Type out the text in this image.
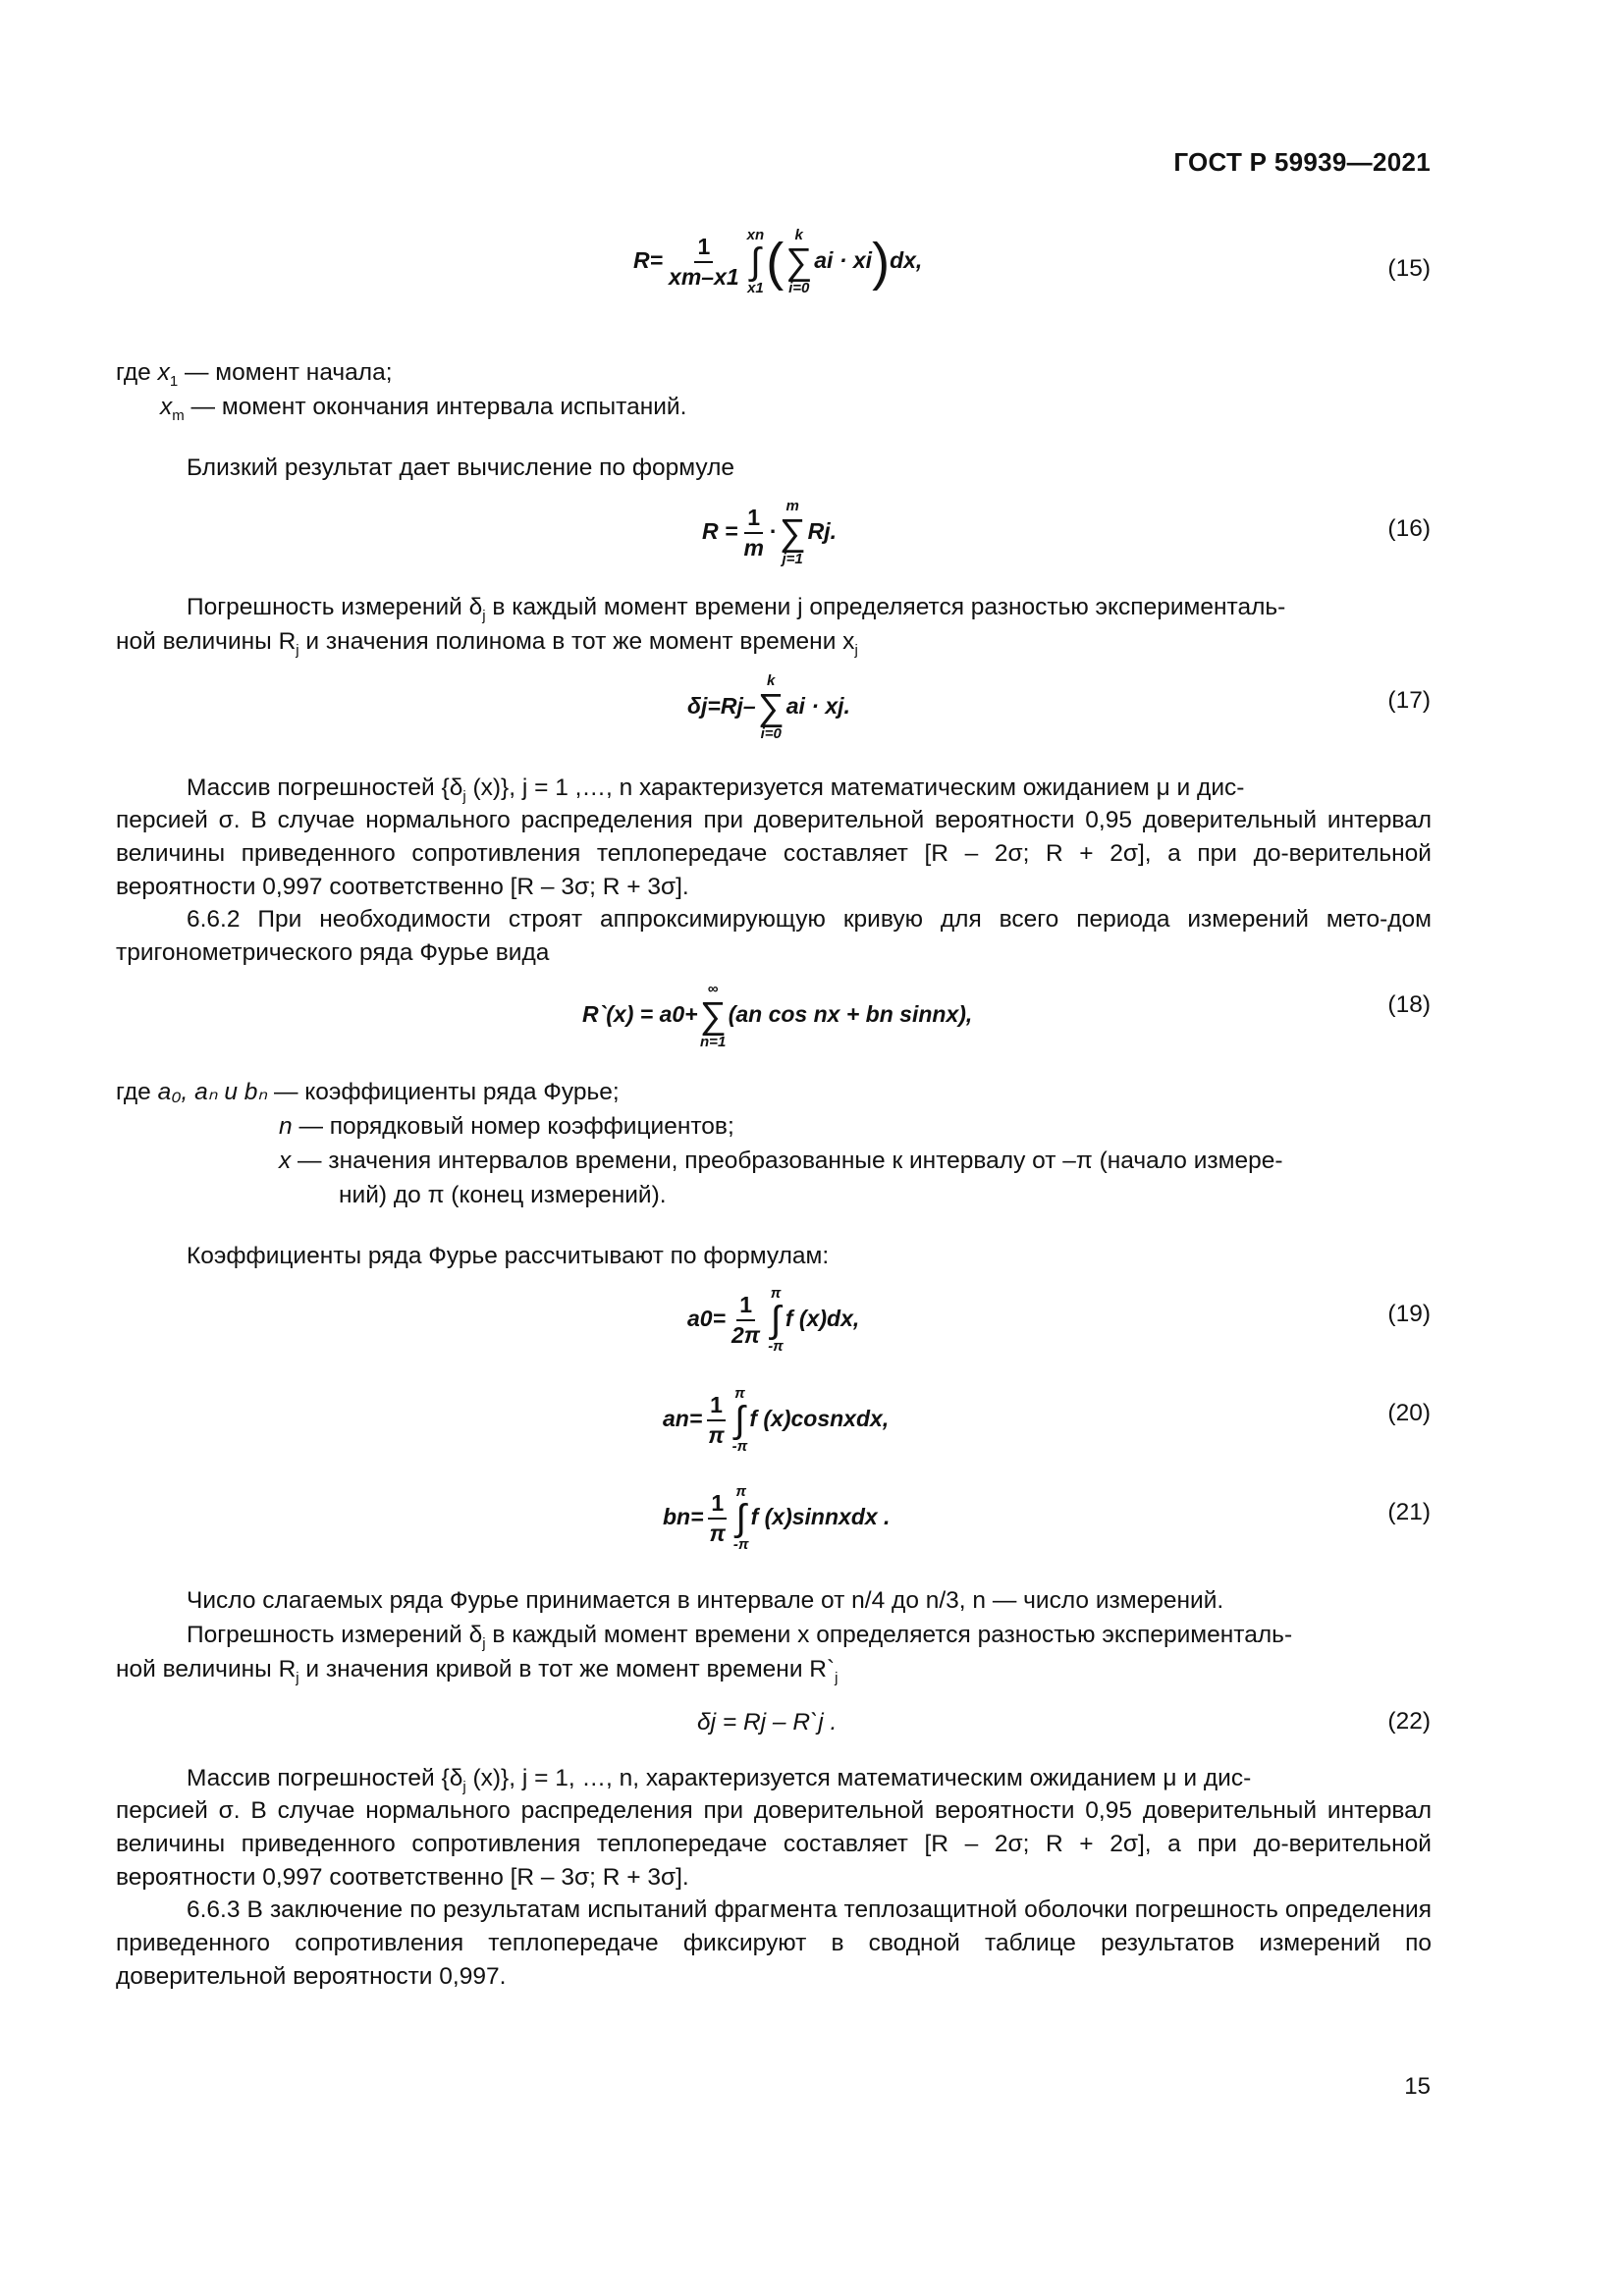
ГОСТ Р 59939—2021
$R= \frac{1}{xm-x1}$ xn
∫
x1 ( k
∑
i=0
ai · xi)dx,	(15)
где $x_1$ — момент начала;
$x_m$ — момент окончания интервала испытаний.

Близкий результат дает вычисление по формуле

$R = \frac{1}{m}$ ·
m
∑
j=1
Rj.	(16)
Погрешность измерений $\delta_j$ в каждый момент времени j определяется разностью эксперименталь-
ной величины $R_j$ и значения полинома в тот же момент времени $x_j$
δj=Rj–
k
∑
i=0
ai · xj.	(17)
Массив погрешностей {$\delta_j$ (x)}, j = 1 ,…, n характеризуется математическим ожиданием μ и дис-

персией σ. В случае нормального распределения при доверительной вероятности 0,95 доверительный интервал величины приведенного сопротивления теплопередаче составляет [R – 2σ; R + 2σ], а при до-верительной вероятности 0,997 соответственно [R – 3σ; R + 3σ].

6.6.2 При необходимости строят аппроксимирующую кривую для всего периода измерений мето-дом тригонометрического ряда Фурье вида

R`(x) = a0+
∞
∑
n=1
(an cos nx + bn sinnx),	(18)
где a₀, aₙ и bₙ — коэффициенты ряда Фурье;
n — порядковый номер коэффициентов;
x — значения интервалов времени, преобразованные к интервалу от –π (начало измере-
ний) до π (конец измерений).

Коэффициенты ряда Фурье рассчитывают по формулам:

$a0= \frac{1}{2\pi}$ π
∫
-π
f (x)dx,	(19)
$an= \frac{1}{\pi}$ π
∫
-π
f (x)cosnxdx,	(20)
$bn= \frac{1}{\pi}$ π
∫
-π
f (x)sinnxdx .	(21)

Число слагаемых ряда Фурье принимается в интервале от n/4 до n/3, n — число измерений.

Погрешность измерений $\delta_j$ в каждый момент времени x определяется разностью эксперименталь-
ной величины $R_j$ и значения кривой в тот же момент времени $R`_j$
δj = Rj – R`j .	(22)
Массив погрешностей {$\delta_j$ (x)}, j = 1, …, n, характеризуется математическим ожиданием μ и дис-

персией σ. В случае нормального распределения при доверительной вероятности 0,95 доверительный интервал величины приведенного сопротивления теплопередаче составляет [R – 2σ; R + 2σ], а при до-верительной вероятности 0,997 соответственно [R – 3σ; R + 3σ].

6.6.3 В заключение по результатам испытаний фрагмента теплозащитной оболочки погрешность определения приведенного сопротивления теплопередаче фиксируют в сводной таблице результатов измерений по доверительной вероятности 0,997.

15
